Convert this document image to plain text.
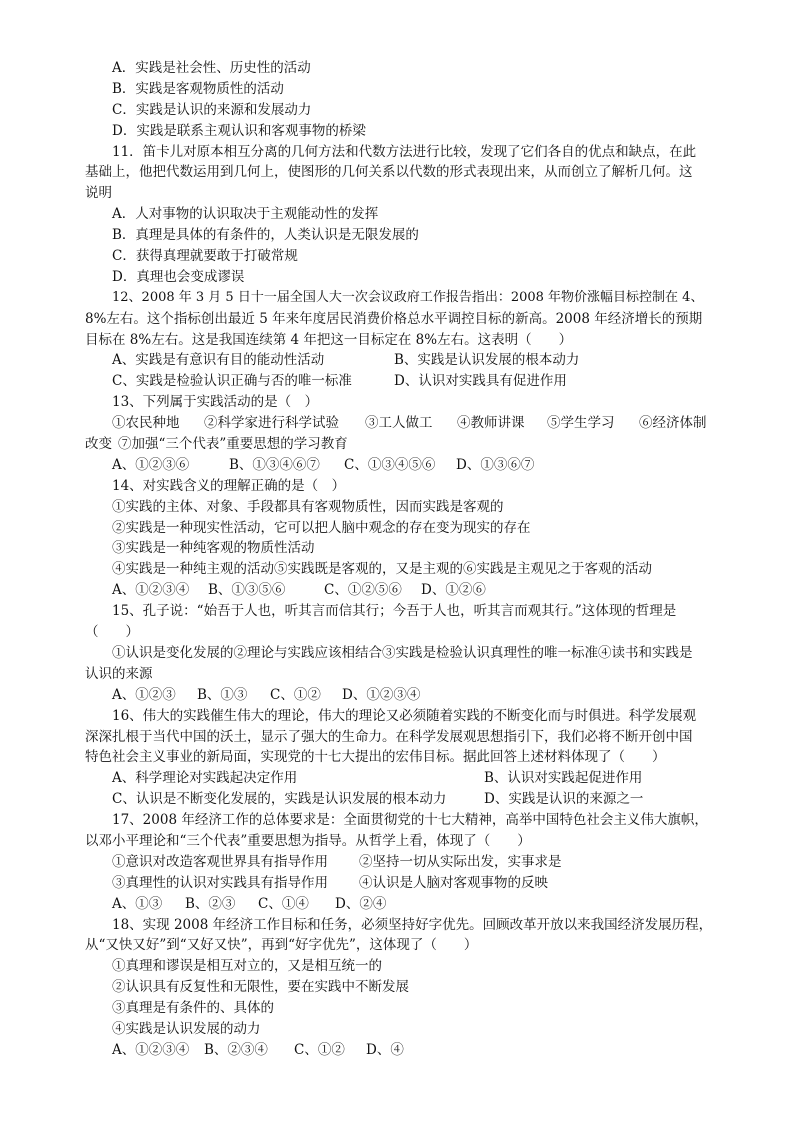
A．实践是社会性、历史性的活动
B．实践是客观物质性的活动
C．实践是认识的来源和发展动力
D．实践是联系主观认识和客观事物的桥梁
11．笛卡儿对原本相互分离的几何方法和代数方法进行比较，发现了它们各自的优点和缺点，在此
基础上，他把代数运用到几何上，使图形的几何关系以代数的形式表现出来，从而创立了解析几何。这
说明
A．人对事物的认识取决于主观能动性的发挥
B．真理是具体的有条件的，人类认识是无限发展的
C．获得真理就要敢于打破常规
D．真理也会变成谬误
12、2008 年 3 月 5 日十一届全国人大一次会议政府工作报告指出：2008 年物价涨幅目标控制在 4、
8%左右。这个指标创出最近 5 年来年度居民消费价格总水平调控目标的新高。2008 年经济增长的预期
目标在 8%左右。这是我国连续第 4 年把这一目标定在 8%左右。这表明（　　）
A、实践是有意识有目的能动性活动	B、实践是认识发展的根本动力
C、实践是检验认识正确与否的唯一标准	D、认识对实践具有促进作用
13、下列属于实践活动的是（　）
①农民种地 ②科学家进行科学试验 ③工人做工 ④教师讲课 ⑤学生学习 ⑥经济体制
改变 ⑦加强“三个代表”重要思想的学习教育
A、①②③⑥	B、①③④⑥⑦ C、①③④⑤⑥ D、①③⑥⑦
14、对实践含义的理解正确的是（　）
①实践的主体、对象、手段都具有客观物质性，因而实践是客观的
②实践是一种现实性活动，它可以把人脑中观念的存在变为现实的存在
③实践是一种纯客观的物质性活动
④实践是一种纯主观的活动⑤实践既是客观的，又是主观的⑥实践是主观见之于客观的活动
A、①②③④ B、①③⑤⑥	C、①②⑤⑥ D、①②⑥
15、孔子说：“始吾于人也，听其言而信其行；今吾于人也，听其言而观其行。”这体现的哲理是
（　　）
①认识是变化发展的②理论与实践应该相结合③实践是检验认识真理性的唯一标准④读书和实践是
认识的来源
A、①②③ B、①③ C、①② D、①②③④
16、伟大的实践催生伟大的理论，伟大的理论又必须随着实践的不断变化而与时俱进。科学发展观
深深扎根于当代中国的沃土，显示了强大的生命力。在科学发展观思想指引下，我们必将不断开创中国
特色社会主义事业的新局面，实现党的十七大提出的宏伟目标。据此回答上述材料体现了（　　）
A、科学理论对实践起决定作用	B、认识对实践起促进作用
C、认识是不断变化发展的，实践是认识发展的根本动力	D、实践是认识的来源之一
17、2008 年经济工作的总体要求是：全面贯彻党的十七大精神，高举中国特色社会主义伟大旗帜，
以邓小平理论和“三个代表”重要思想为指导。从哲学上看，体现了（　　）
①意识对改造客观世界具有指导作用 ②坚持一切从实际出发，实事求是
③真理性的认识对实践具有指导作用 ④认识是人脑对客观事物的反映
A、①③ B、②③ C、①④ D、②④
18、实现 2008 年经济工作目标和任务，必须坚持好字优先。回顾改革开放以来我国经济发展历程，
从“又快又好”到“又好又快”，再到“好字优先”，这体现了（　　）
①真理和谬误是相互对立的，又是相互统一的
②认识具有反复性和无限性，要在实践中不断发展
③真理是有条件的、具体的
④实践是认识发展的动力
A、①②③④ B、②③④ C、①② D、④
